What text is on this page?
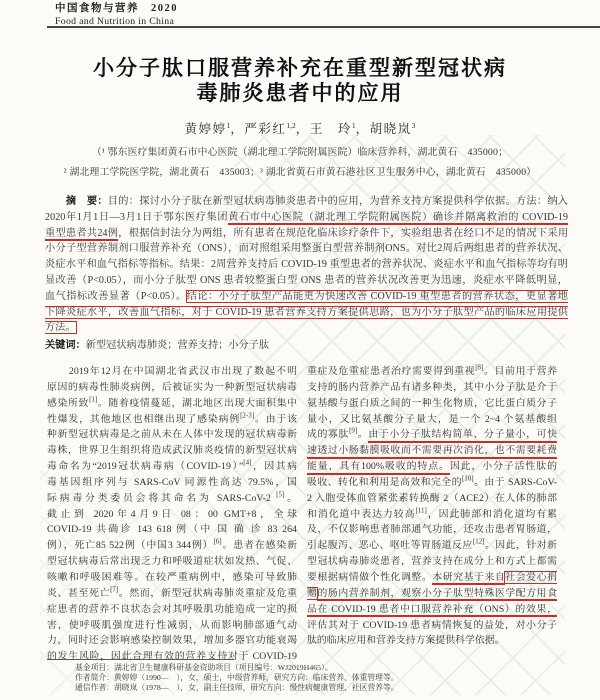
中国食物与营养　2020
Food and Nutrition in China
小分子肽口服营养补充在重型新型冠状病
毒肺炎患者中的应用
黄婷婷$^1$，严彩红$^{1,2}$，王　玲$^1$，胡晓岚$^3$
（¹ 鄂东医疗集团黄石市中心医院（湖北理工学院附属医院）临床营养科，湖北黄石　435000；
² 湖北理工学院医学院，湖北黄石　435003；³ 湖北省黄石市黄石港社区卫生服务中心，湖北黄石　435000）
　　摘　要：目的：探讨小分子肽在新型冠状病毒肺炎患者中的应用，为营养支持方案提供科学依据。方法：纳入
2020年1月1日—3月1日于鄂东医疗集团黄石市中心医院（湖北理工学院附属医院）确诊并隔离救治的 COVID-19
重型患者共24例，根据信封法分为两组，所有患者在规范化临床诊疗条件下，实验组患者在经口不足的情况下采用
小分子型营养制剂口服营养补充（ONS），而对照组采用整蛋白型营养制剂ONS。对比2周后两组患者的营养状况、
炎症水平和血气指标等指标。结果：2周营养支持后 COVID-19 重型患者的营养状况、炎症水平和血气指标等均有明
显改善（P<0.05），而小分子肽型 ONS 患者较整蛋白型 ONS 患者的营养状况改善更为迅速，炎症水平降低明显，
血气指标改善显著（P<0.05）。结论：小分子肽型产品能更为快速改善 COVID-19 重型患者的营养状态，更显著地
下降炎症水平，改善血气指标，对于 COVID-19 患者营养支持方案提供思路，也为小分子肽型产品的临床应用提供
方法。
关键词：新型冠状病毒肺炎；营养支持；小分子肽
　　2019年12月在中国湖北省武汉市出现了数起不明
原因的病毒性肺炎病例，后被证实为一种新型冠状病毒
感染所致[1]。随着疫情蔓延，湖北地区出现大面积集中
性爆发，其他地区也相继出现了感染病例[2-3]。由于该
种新型冠状病毒是之前从未在人体中发现的冠状病毒新
毒株，世界卫生组织将造成武汉肺炎疫情的新型冠状病
毒命名为“2019冠状病毒病（COVID-19）”[4]，因其病
毒基因组序列与 SARS-CoV 同源性高达 79.5%，国
际病毒分类委员会将其命名为 SARS-CoV-2 [5]。
截止到 2020年4月9日 08：00 GMT+8，全球
COVID-19 共确诊 143 618 例（中 国 确 诊 83 264
例），死亡85 522例（中国3 344例）[6]。患者在感染新
型冠状病毒后常出现乏力和呼吸道症状如发热、气促、
咳嗽和呼吸困难等。在较严重病例中，感染可导致肺
炎、甚至死亡[7]。然而，新型冠状病毒肺炎重症及危重
症患者的营养不良状态会对其呼吸肌功能造成一定的损
害，使呼吸肌强度进行性减弱，从而影响肺部通气动
力，同时还会影响感染控制效果，增加多器官功能衰竭
的发生风险，因此合理有效的营养支持对于 COVID-19
重症及危重症患者治疗需要得到重视[8]。目前用于营养
支持的肠内营养产品有诸多种类，其中小分子肽是介于
氨基酸与蛋白质之间的一种生化物质，它比蛋白质分子
量小，又比氨基酸分子量大，是一个 2~4 个氨基酸组
成的寡肽[9]。由于小分子肽结构简单、分子量小，可快
速透过小肠黏膜吸收而不需要再次消化，也不需要耗费
能量，具有100%吸收的特点。因此，小分子活性肽的
吸收、转化和利用是高效和完全的[10]。由于 SARS-CoV-
2 入胞受体血管紧张素转换酶 2（ACE2）在人体的肺部
和消化道中表达力较高[11]，因此肺部和消化道均有累
及，不仅影响患者肺部通气功能，还攻击患者胃肠道，
引起腹泻、恶心、呕吐等胃肠道反应[12]。因此，针对新
型冠状病毒肺炎患者，营养支持在成分上和方式上都需
要根据病情做个性化调整。本研究基于来自社会爱心捐
赠的肠内营养制剂，观察小分子肽型特殊医学配方用食
品在 COVID-19 患者中口服营养补充（ONS）的效果，
评估其对于 COVID-19 患者病情恢复的益处，对小分子
肽的临床应用和营养支持方案提供科学依据。
基金项目：湖北省卫生健康科研基金资助项目（项目编号：WJ2019H465）。
作者简介：黄婷婷（1990—　），女，硕士，中级营养师，研究方向：临床营养、体重管理等。
通信作者：胡晓岚（1978—　），女，副主任技师，研究方向：慢性病健康管理、社区营养等。
